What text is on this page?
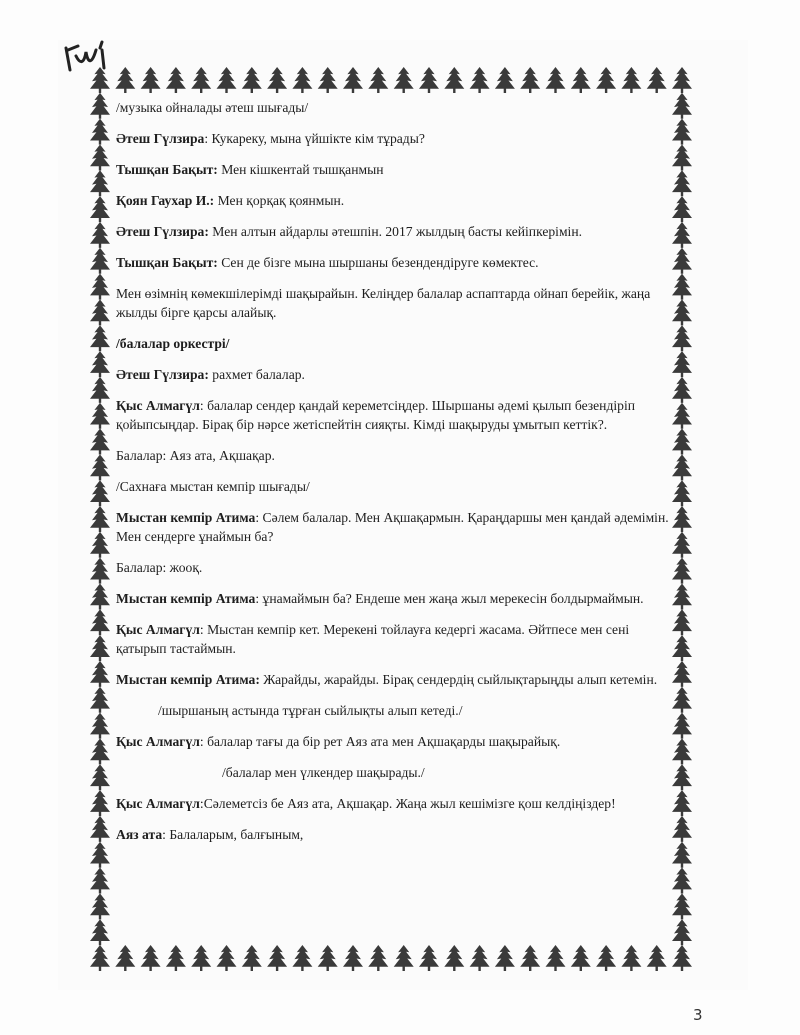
/музыка ойналады әтеш шығады/

Әтеш Гүлзира: Кукареку, мына үйшікте кім тұрады?

Тышқан Бақыт: Мен кішкентай тышқанмын

Қоян Гаухар И.: Мен қорқақ қоянмын.

Әтеш Гүлзира: Мен алтын айдарлы әтешпін. 2017 жылдың басты кейіпкерімін.

Тышқан Бақыт: Сен де бізге мына шыршаны безендендіруге көмектес.

Мен өзімнің көмекшілерімді шақырайын. Келіңдер балалар аспаптарда ойнап берейік, жаңа жылды бірге қарсы алайық.

/балалар оркестрі/

Әтеш Гүлзира: рахмет балалар.

Қыс Алмагүл: балалар сендер қандай кереметсіңдер. Шыршаны әдемі қылып безендіріп қойыпсыңдар. Бірақ бір нәрсе жетіспейтін сияқты. Кімді шақыруды ұмытып кеттік?.

Балалар: Аяз ата, Ақшақар.

/Сахнаға мыстан кемпір шығады/

Мыстан кемпір Атима: Сәлем балалар. Мен Ақшақармын. Қараңдаршы мен қандай әдемімін. Мен сендерге ұнаймын ба?

Балалар: жооқ.

Мыстан кемпір Атима: ұнамаймын ба? Ендеше мен жаңа жыл мерекесін болдырмаймын.

Қыс Алмагүл: Мыстан кемпір кет. Мерекені тойлауға кедергі жасама. Әйтпесе мен сені қатырып тастаймын.

Мыстан кемпір Атима: Жарайды, жарайды. Бірақ сендердің сыйлықтарыңды алып кетемін.

/шыршаның астында тұрған сыйлықты алып кетеді./

Қыс Алмагүл: балалар тағы да бір рет Аяз ата мен Ақшақарды шақырайық.

/балалар мен үлкендер шақырады./

Қыс Алмагүл:Сәлеметсіз бе Аяз ата, Ақшақар. Жаңа жыл кешімізге қош келдіңіздер!

Аяз ата: Балаларым, балғыным,

3
